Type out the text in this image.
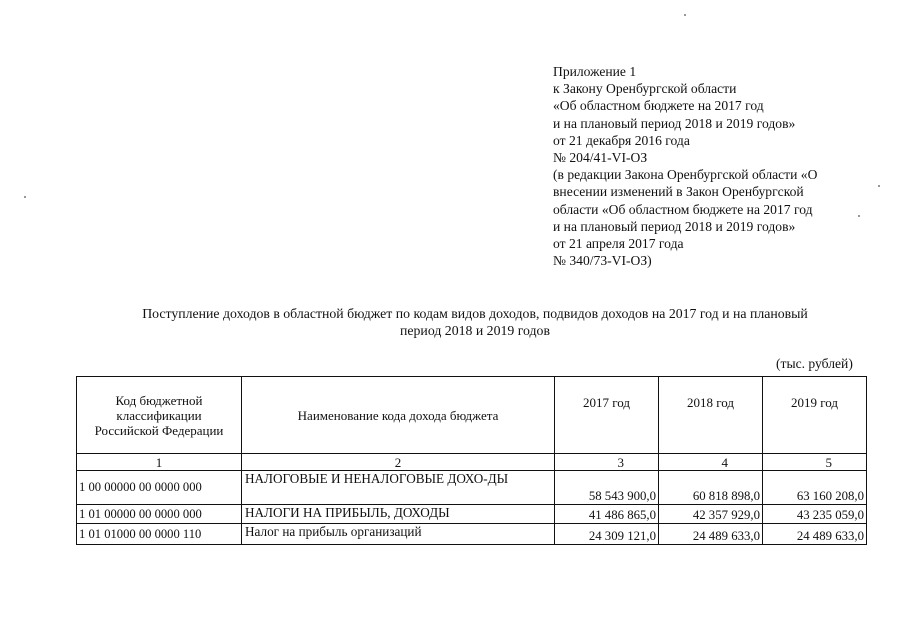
Приложение 1
к Закону Оренбургской области
«Об областном бюджете на 2017 год
и на плановый период 2018 и 2019 годов»
от 21 декабря 2016 года
№ 204/41-VI-ОЗ
(в редакции Закона Оренбургской области «О
внесении изменений в Закон Оренбургской
области «Об областном бюджете на 2017 год
и на плановый период 2018 и 2019 годов»
от 21 апреля 2017 года
№ 340/73-VI-ОЗ)
Поступление доходов в областной бюджет по кодам видов доходов, подвидов доходов на 2017 год и на плановый
период 2018 и 2019 годов
(тыс. рублей)
Код бюджетной
классификации
Российской Федерации	Наименование кода дохода бюджета	2017 год	2018 год	2019 год
1	2	3	4	5
1 00 00000 00 0000 000	НАЛОГОВЫЕ И НЕНАЛОГОВЫЕ ДОХО-ДЫ	58 543 900,0	60 818 898,0	63 160 208,0
1 01 00000 00 0000 000	НАЛОГИ НА ПРИБЫЛЬ, ДОХОДЫ	41 486 865,0	42 357 929,0	43 235 059,0
1 01 01000 00 0000 110	Налог на прибыль организаций	24 309 121,0	24 489 633,0	24 489 633,0
